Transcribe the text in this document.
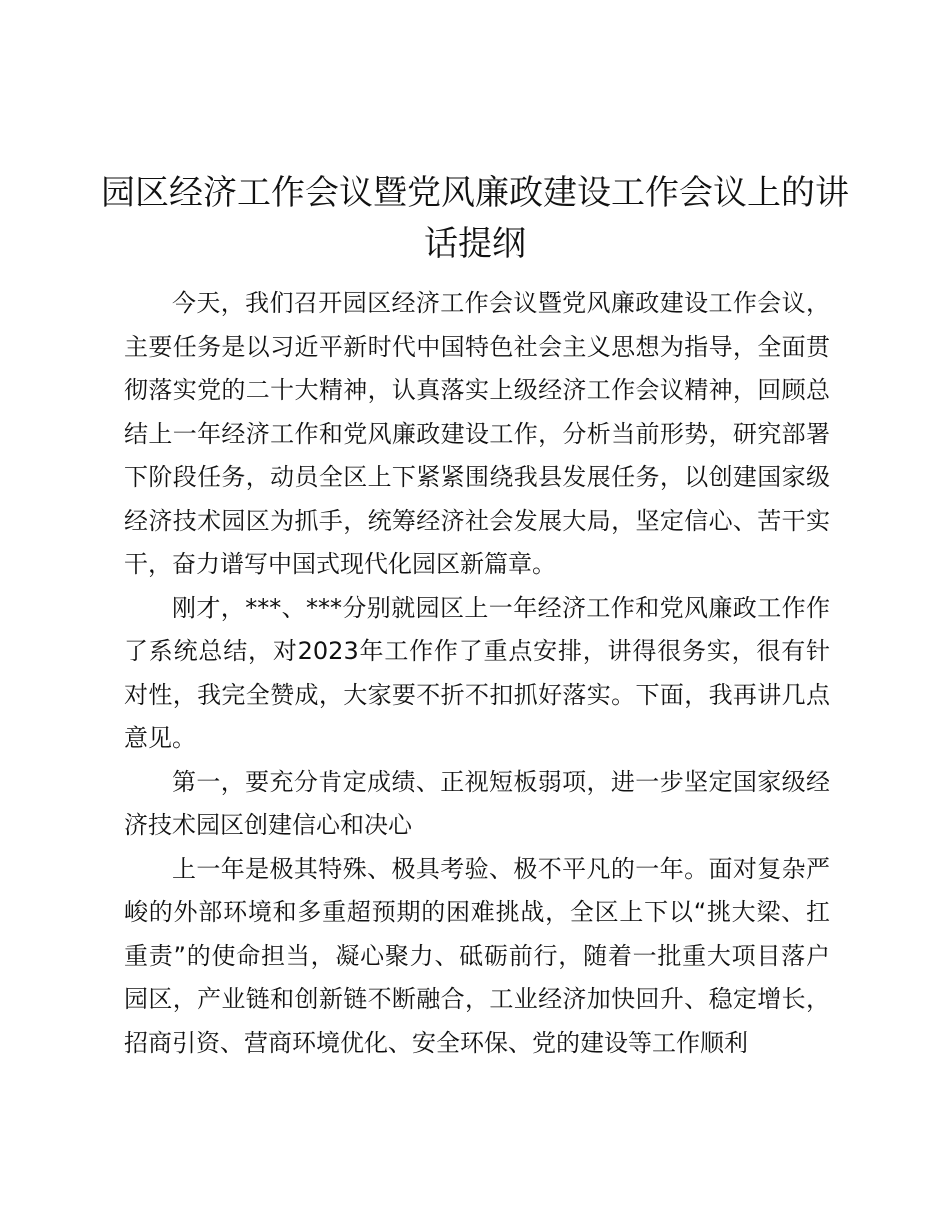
园区经济工作会议暨党风廉政建设工作会议上的讲话提纲

今天，我们召开园区经济工作会议暨党风廉政建设工作会议，主要任务是以习近平新时代中国特色社会主义思想为指导，全面贯彻落实党的二十大精神，认真落实上级经济工作会议精神，回顾总结上一年经济工作和党风廉政建设工作，分析当前形势，研究部署下阶段任务，动员全区上下紧紧围绕我县发展任务，以创建国家级经济技术园区为抓手，统筹经济社会发展大局，坚定信心、苦干实干，奋力谱写中国式现代化园区新篇章。

刚才，***、***分别就园区上一年经济工作和党风廉政工作作了系统总结，对2023年工作作了重点安排，讲得很务实，很有针对性，我完全赞成，大家要不折不扣抓好落实。下面，我再讲几点意见。

第一，要充分肯定成绩、正视短板弱项，进一步坚定国家级经济技术园区创建信心和决心

上一年是极其特殊、极具考验、极不平凡的一年。面对复杂严峻的外部环境和多重超预期的困难挑战，全区上下以“挑大梁、扛重责”的使命担当，凝心聚力、砥砺前行，随着一批重大项目落户园区，产业链和创新链不断融合，工业经济加快回升、稳定增长，招商引资、营商环境优化、安全环保、党的建设等工作顺利
